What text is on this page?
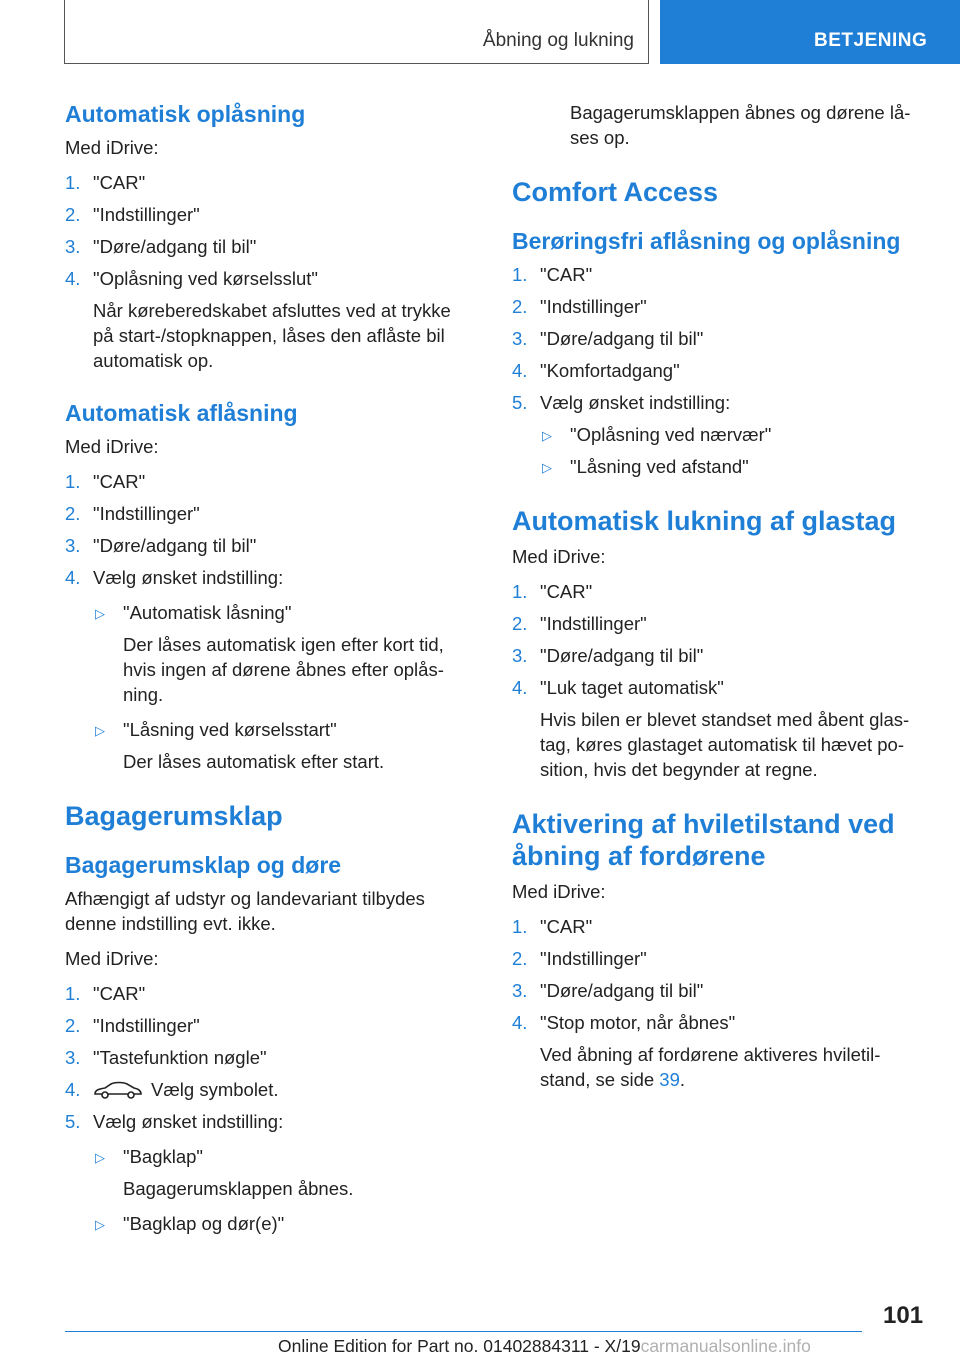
Åbning og lukning	BETJENING
Automatisk oplåsning

Med iDrive:

1. "CAR"
2. "Indstillinger"
3. "Døre/adgang til bil"
4. "Oplåsning ved kørselsslut"
Når køreberedskabet afsluttes ved at trykke
på start-/stopknappen, låses den aflåste bil
automatisk op.
Automatisk aflåsning

Med iDrive:

1. "CAR"
2. "Indstillinger"
3. "Døre/adgang til bil"
4. Vælg ønsket indstilling:
▷ "Automatisk låsning"
Der låses automatisk igen efter kort tid,
hvis ingen af dørene åbnes efter oplås-
ning.
▷ "Låsning ved kørselsstart"
Der låses automatisk efter start.
Bagagerumsklap
Bagagerumsklap og døre
Afhængigt af udstyr og landevariant tilbydes
denne indstilling evt. ikke.

Med iDrive:

1. "CAR"
2. "Indstillinger"
3. "Tastefunktion nøgle"
4.	Vælg symbolet.
5. Vælg ønsket indstilling:
▷ "Bagklap"
Bagagerumsklappen åbnes.
▷ "Bagklap og dør(e)"
Bagagerumsklappen åbnes og dørene lå-
ses op.
Comfort Access
Berøringsfri aflåsning og oplåsning
1. "CAR"
2. "Indstillinger"
3. "Døre/adgang til bil"
4. "Komfortadgang"
5. Vælg ønsket indstilling:
▷ "Oplåsning ved nærvær"
▷ "Låsning ved afstand"
Automatisk lukning af glastag

Med iDrive:

1. "CAR"
2. "Indstillinger"
3. "Døre/adgang til bil"
4. "Luk taget automatisk"
Hvis bilen er blevet standset med åbent glas-
tag, køres glastaget automatisk til hævet po-
sition, hvis det begynder at regne.
Aktivering af hviletilstand ved
åbning af fordørene

Med iDrive:

1. "CAR"
2. "Indstillinger"
3. "Døre/adgang til bil"
4. "Stop motor, når åbnes"
Ved åbning af fordørene aktiveres hviletil-
stand, se side 39.
101
Online Edition for Part no. 01402884311 - X/19carmanualsonline.info
